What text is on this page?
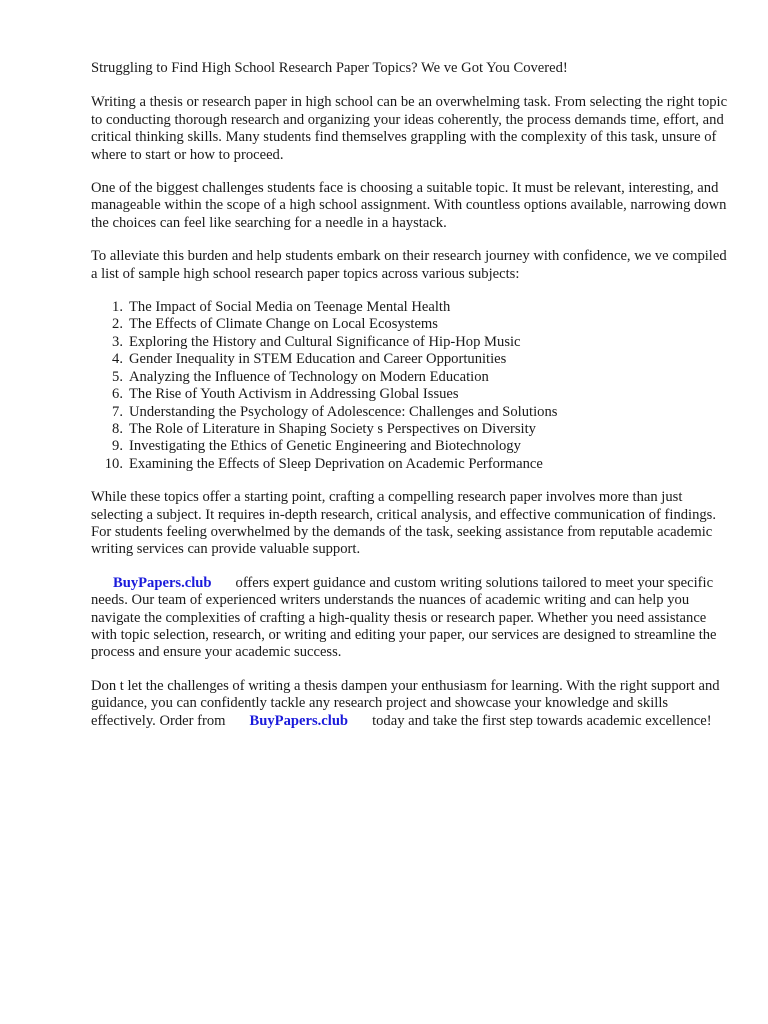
Struggling to Find High School Research Paper Topics? We ve Got You Covered!

Writing a thesis or research paper in high school can be an overwhelming task. From selecting the right topic to conducting thorough research and organizing your ideas coherently, the process demands time, effort, and critical thinking skills. Many students find themselves grappling with the complexity of this task, unsure of where to start or how to proceed.

One of the biggest challenges students face is choosing a suitable topic. It must be relevant, interesting, and manageable within the scope of a high school assignment. With countless options available, narrowing down the choices can feel like searching for a needle in a haystack.

To alleviate this burden and help students embark on their research journey with confidence, we ve compiled a list of sample high school research paper topics across various subjects:

1. The Impact of Social Media on Teenage Mental Health
2. The Effects of Climate Change on Local Ecosystems
3. Exploring the History and Cultural Significance of Hip-Hop Music
4. Gender Inequality in STEM Education and Career Opportunities
5. Analyzing the Influence of Technology on Modern Education
6. The Rise of Youth Activism in Addressing Global Issues
7. Understanding the Psychology of Adolescence: Challenges and Solutions
8. The Role of Literature in Shaping Society s Perspectives on Diversity
9. Investigating the Ethics of Genetic Engineering and Biotechnology
10. Examining the Effects of Sleep Deprivation on Academic Performance

While these topics offer a starting point, crafting a compelling research paper involves more than just selecting a subject. It requires in-depth research, critical analysis, and effective communication of findings. For students feeling overwhelmed by the demands of the task, seeking assistance from reputable academic writing services can provide valuable support.

BuyPapers.club offers expert guidance and custom writing solutions tailored to meet your specific needs. Our team of experienced writers understands the nuances of academic writing and can help you navigate the complexities of crafting a high-quality thesis or research paper. Whether you need assistance with topic selection, research, or writing and editing your paper, our services are designed to streamline the process and ensure your academic success.

Don t let the challenges of writing a thesis dampen your enthusiasm for learning. With the right support and guidance, you can confidently tackle any research project and showcase your knowledge and skills effectively. Order from BuyPapers.club today and take the first step towards academic excellence!
